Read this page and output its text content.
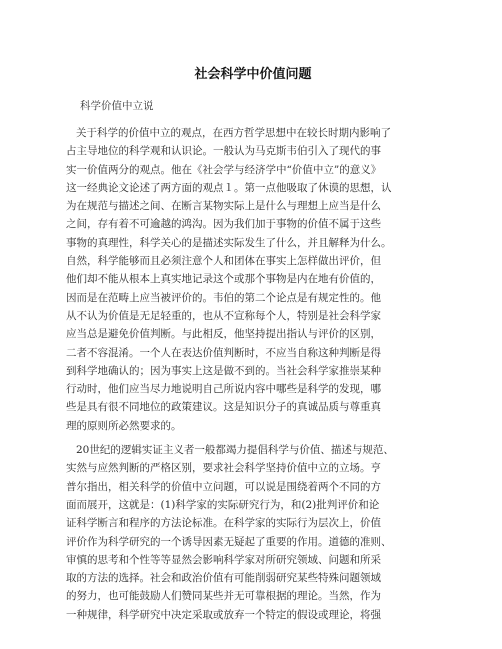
社会科学中价值问题
科学价值中立说
关于科学的价值中立的观点，在西方哲学思想中在较长时期内影响了
占主导地位的科学观和认识论。一般认为马克斯韦伯引入了现代的事
实一价值两分的观点。他在《社会学与经济学中“价值中立”的意义》
这一经典论文论述了两方面的观点１。第一点他吸取了休谟的思想，认
为在规范与描述之间、在断言某物实际上是什么与理想上应当是什么
之间，存有着不可逾越的鸿沟。因为我们加于事物的价值不属于这些
事物的真理性，科学关心的是描述实际发生了什么，并且解释为什么。
自然，科学能够而且必须注意个人和团体在事实上怎样做出评价，但
他们却不能从根本上真实地记录这个或那个事物是内在地有价值的，
因而是在范畴上应当被评价的。韦伯的第二个论点是有规定性的。他
从不认为价值是无足轻重的，也从不宣称每个人，特别是社会科学家
应当总是避免价值判断。与此相反，他坚持提出指认与评价的区别，
二者不容混淆。一个人在表达价值判断时，不应当自称这种判断是得
到科学地确认的；因为事实上这是做不到的。当社会科学家推崇某种
行动时，他们应当尽力地说明自己所说内容中哪些是科学的发现，哪
些是具有很不同地位的政策建议。这是知识分子的真诚品质与尊重真
理的原则所必然要求的。
20世纪的逻辑实证主义者一般都竭力提倡科学与价值、描述与规范、
实然与应然判断的严格区别，要求社会科学坚持价值中立的立场。亨
普尔指出，相关科学的价值中立问题，可以说是围绕着两个不同的方
面而展开，这就是：(1)科学家的实际研究行为，和(2)批判评价和论
证科学断言和程序的方法论标准。在科学家的实际行为层次上，价值
评价作为科学研究的一个诱导因素无疑起了重要的作用。道德的准则、
审慎的思考和个性等等显然会影响科学家对所研究领域、问题和所采
取的方法的选择。社会和政治价值有可能削弱研究某些特殊问题领域
的努力，也可能鼓励人们赞同某些并无可靠根据的理论。当然，作为
一种规律，科学研究中决定采取或放弃一个特定的假设或理论，将强
